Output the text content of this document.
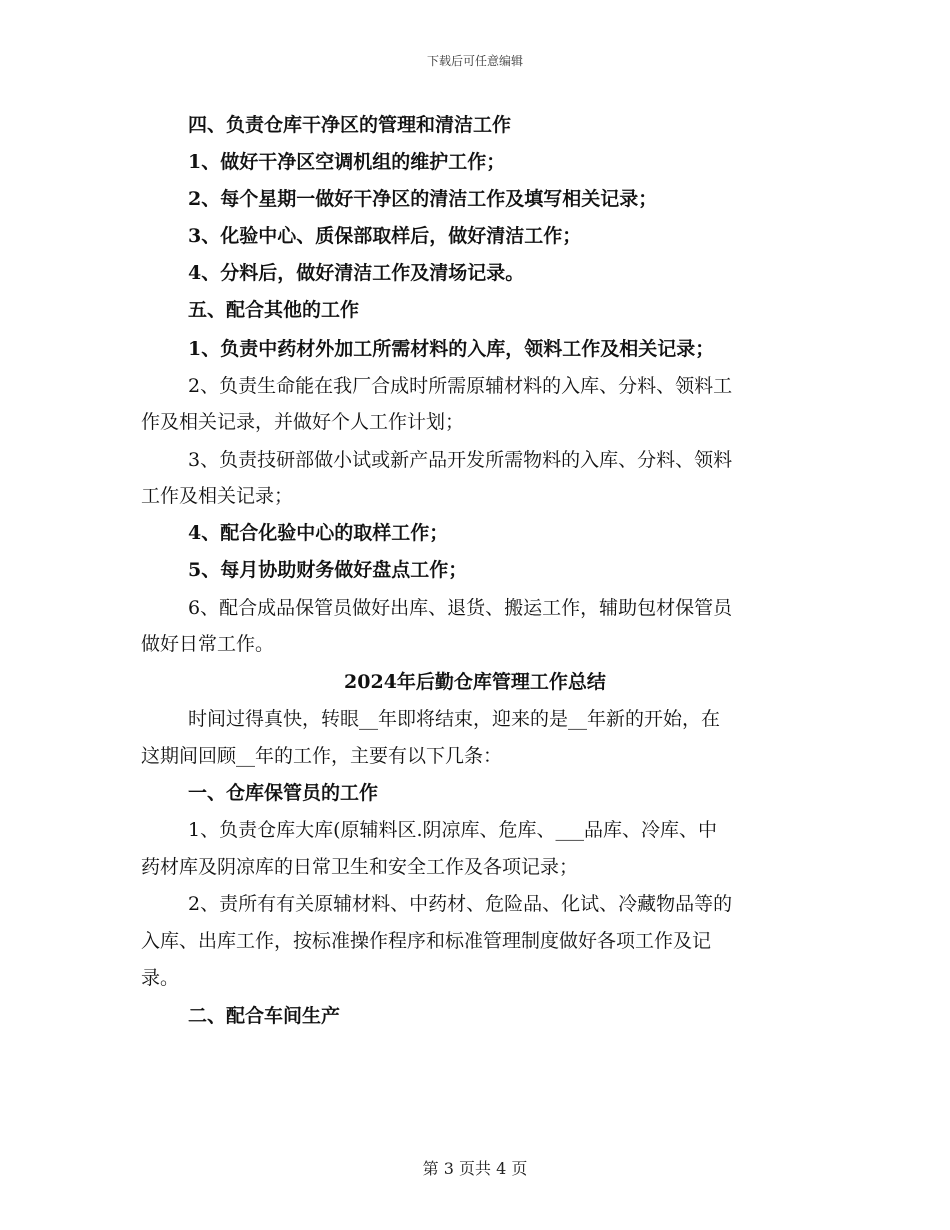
下载后可任意编辑
四、负责仓库干净区的管理和清洁工作
1、做好干净区空调机组的维护工作；
2、每个星期一做好干净区的清洁工作及填写相关记录；
3、化验中心、质保部取样后，做好清洁工作；
4、分料后，做好清洁工作及清场记录。
五、配合其他的工作
1、负责中药材外加工所需材料的入库，领料工作及相关记录；
2、负责生命能在我厂合成时所需原辅材料的入库、分料、领料工
作及相关记录，并做好个人工作计划；
3、负责技研部做小试或新产品开发所需物料的入库、分料、领料
工作及相关记录；
4、配合化验中心的取样工作；
5、每月协助财务做好盘点工作；
6、配合成品保管员做好出库、退货、搬运工作，辅助包材保管员
做好日常工作。
2024年后勤仓库管理工作总结
时间过得真快，转眼__年即将结束，迎来的是__年新的开始，在
这期间回顾__年的工作，主要有以下几条：
一、仓库保管员的工作
1、负责仓库大库(原辅料区.阴凉库、危库、___品库、冷库、中
药材库及阴凉库的日常卫生和安全工作及各项记录；
2、责所有有关原辅材料、中药材、危险品、化试、冷藏物品等的
入库、出库工作，按标准操作程序和标准管理制度做好各项工作及记
录。
二、配合车间生产
第 3 页共 4 页
